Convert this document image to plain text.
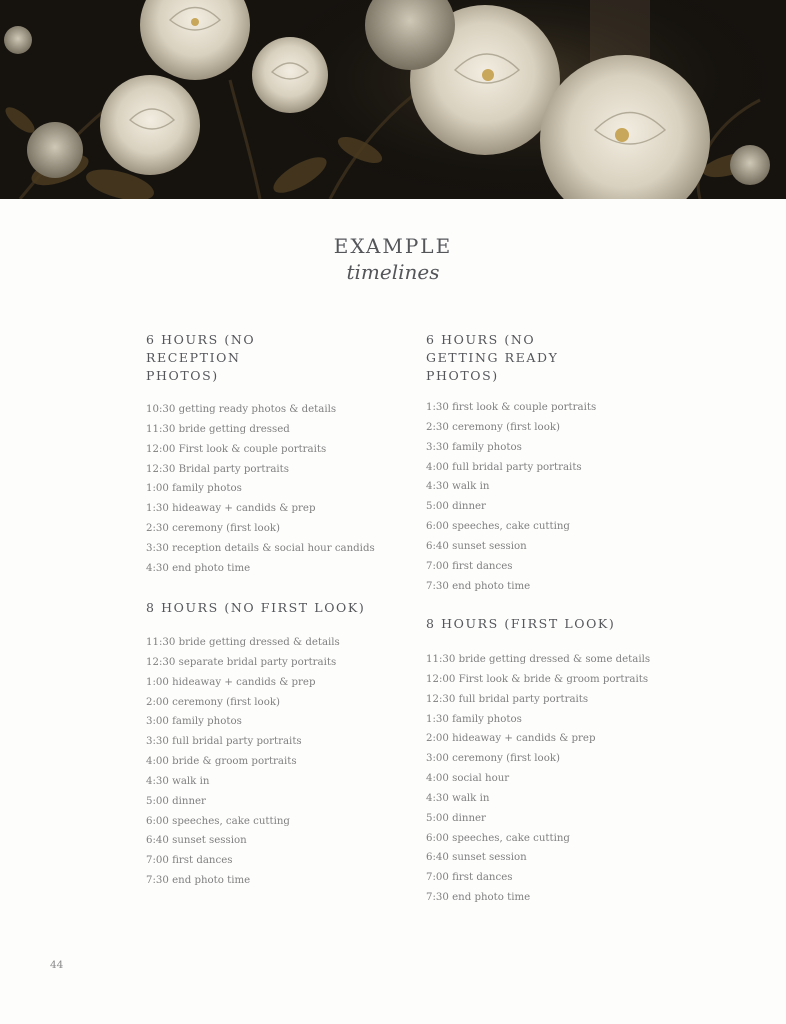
EXAMPLE
timelines
6 HOURS (NO RECEPTION PHOTOS)
10:30 getting ready photos & details
11:30 bride getting dressed
12:00 First look & couple portraits
12:30 Bridal party portraits
1:00 family photos
1:30 hideaway + candids & prep
2:30 ceremony (first look)
3:30 reception details & social hour candids
4:30 end photo time
6 HOURS (NO GETTING READY PHOTOS)
1:30 first look & couple portraits
2:30 ceremony (first look)
3:30 family photos
4:00 full bridal party portraits
4:30 walk in
5:00 dinner
6:00 speeches, cake cutting
6:40 sunset session
7:00 first dances
7:30 end photo time
8 HOURS (NO FIRST LOOK)
11:30 bride getting dressed & details
12:30 separate bridal party portraits
1:00 hideaway + candids & prep
2:00 ceremony (first look)
3:00 family photos
3:30 full bridal party portraits
4:00 bride & groom portraits
4:30 walk in
5:00 dinner
6:00 speeches, cake cutting
6:40 sunset session
7:00 first dances
7:30 end photo time
8 HOURS (FIRST LOOK)
11:30 bride getting dressed & some details
12:00 First look & bride & groom portraits
12:30 full bridal party portraits
1:30 family photos
2:00 hideaway + candids & prep
3:00 ceremony (first look)
4:00 social hour
4:30 walk in
5:00 dinner
6:00 speeches, cake cutting
6:40 sunset session
7:00 first dances
7:30 end photo time
44
